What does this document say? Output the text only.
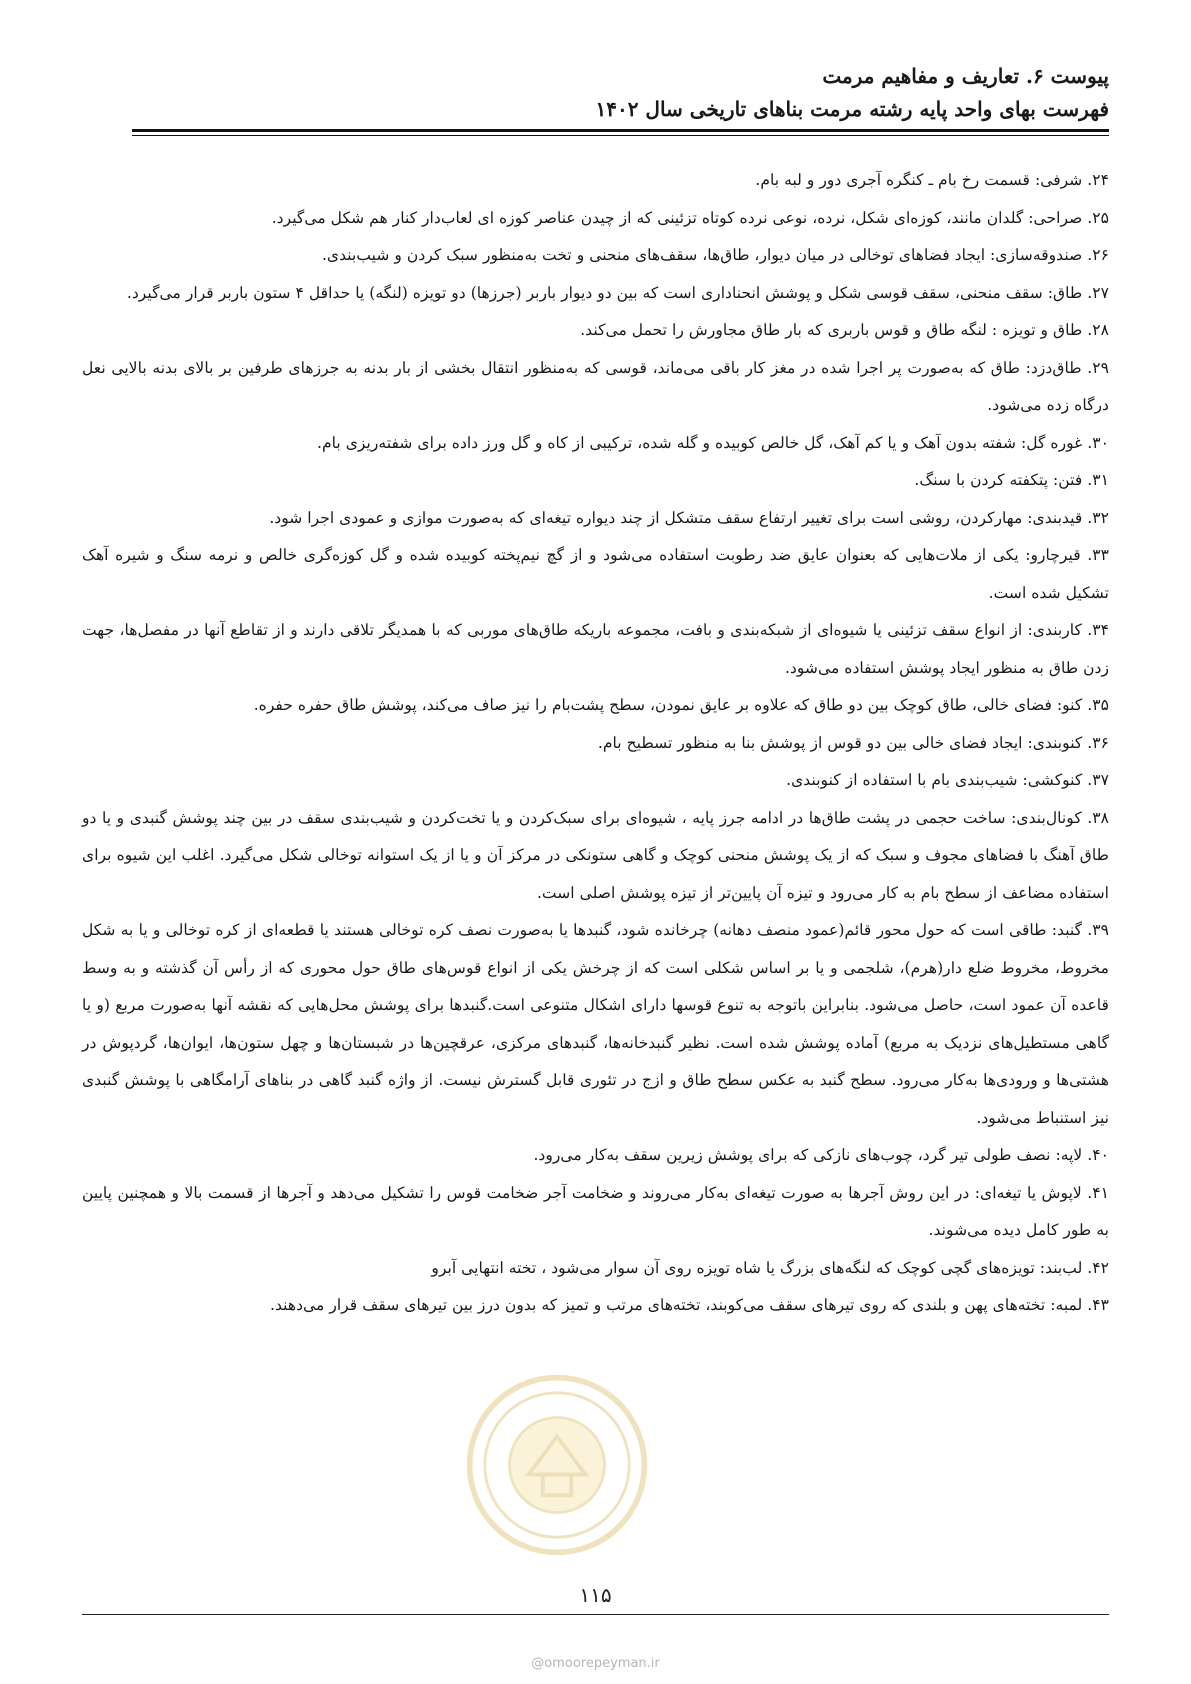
پیوست ۶. تعاریف و مفاهیم مرمت
فهرست بهای واحد پایه رشته مرمت بناهای تاریخی سال ۱۴۰۲

۲۴. شرفی: قسمت رخ بام ـ کنگره آجری دور و لبه بام.

۲۵. صراحی: گلدان مانند، کوزه‌ای شکل، نرده، نوعی نرده کوتاه تزئینی که از چیدن عناصر کوزه ای لعاب‌دار کنار هم شکل می‌گیرد.

۲۶. صندوقه‌سازی: ایجاد فضاهای توخالی در میان دیوار، طاق‌ها، سقف‌های منحنی و تخت به‌منظور سبک کردن و شیب‌بندی.

۲۷. طاق: سقف منحنی، سقف قوسی شکل و پوشش انحناداری است که بین دو دیوار باربر (جرزها) دو تویزه (لنگه) یا حداقل ۴ ستون باربر قرار می‌گیرد.

۲۸. طاق و تویزه : لنگه طاق و قوس باربری که بار طاق مجاورش را تحمل می‌کند.

۲۹. طاق‌دزد: طاق که به‌صورت پر اجرا شده در مغز کار باقی می‌ماند، قوسی که به‌منظور انتقال بخشی از بار بدنه به جرزهای طرفین بر بالای بدنه بالایی نعل درگاه زده می‌شود.

۳۰. غوره گل: شفته بدون آهک و یا کم آهک، گل خالص کوبیده و گله شده، ترکیبی از کاه و گل ورز داده برای شفته‌ریزی بام.

۳۱. فتن: پتکفته کردن با سنگ.

۳۲. قیدبندی: مهارکردن، روشی است برای تغییر ارتفاع سقف متشکل از چند دیواره تیغه‌ای که به‌صورت موازی و عمودی اجرا شود.

۳۳. قیرچارو: یکی از ملات‌هایی که بعنوان عایق ضد رطوبت استفاده می‌شود و از گچ نیم‌پخته کوبیده شده و گل کوزه‌گری خالص و نرمه سنگ و شیره آهک تشکیل شده است.

۳۴. کاربندی: از انواع سقف تزئینی یا شیوه‌ای از شبکه‌بندی و بافت، مجموعه باریکه طاق‌های موربی که با همدیگر تلاقی دارند و از تقاطع آنها در مفصل‌ها، جهت زدن طاق به منظور ایجاد پوشش استفاده می‌شود.

۳۵. کنو: فضای خالی، طاق کوچک بین دو طاق که علاوه بر عایق نمودن، سطح پشت‌بام را نیز صاف می‌کند، پوشش طاق حفره حفره.

۳۶. کنوبندی: ایجاد فضای خالی بین دو قوس از پوشش بنا به منظور تسطیح بام.

۳۷. کنوکشی: شیب‌بندی بام با استفاده از کنوبندی.

۳۸. کونال‌بندی: ساخت حجمی در پشت طاق‌ها در ادامه جرز پایه ، شیوه‌ای برای سبک‌کردن و یا تخت‌کردن و شیب‌بندی سقف در بین چند پوشش گنبدی و یا دو طاق آهنگ با فضاهای مجوف و سبک که از یک پوشش منحنی کوچک و گاهی ستونکی در مرکز آن و یا از یک استوانه توخالی شکل می‌گیرد. اغلب این شیوه برای استفاده مضاعف از سطح بام به کار می‌رود و تیزه آن پایین‌تر از تیزه پوشش اصلی است.

۳۹. گنبد: طاقی است که حول محور قائم(عمود منصف دهانه) چرخانده شود، گنبدها یا به‌صورت نصف کره توخالی هستند یا قطعه‌ای از کره توخالی و یا به شکل مخروط، مخروط ضلع دار(هرم)، شلجمی و یا بر اساس شکلی است که از چرخش یکی از انواع قوس‌های طاق حول محوری که از رأس آن گذشته و به وسط قاعده آن عمود است، حاصل می‌شود. بنابراین باتوجه به تنوع قوسها دارای اشکال متنوعی است.گنبدها برای پوشش محل‌هایی که نقشه آنها به‌صورت مربع (و یا گاهی مستطیل‌های نزدیک به مربع) آماده پوشش شده است. نظیر گنبدخانه‌ها، گنبدهای مرکزی، عرقچین‌ها در شبستان‌ها و چهل ستون‌ها، ایوان‌ها، گردپوش در هشتی‌ها و ورودی‌ها به‌کار می‌رود. سطح گنبد به عکس سطح طاق و ازج در تئوری قابل گسترش نیست. از واژه گنبد گاهی در بناهای آرامگاهی با پوشش گنبدی نیز استنباط می‌شود.

۴۰. لاپه: نصف طولی تیر گرد، چوب‌های نازکی که برای پوشش زیرین سقف به‌کار می‌رود.

۴۱. لاپوش یا تیغه‌ای: در این روش آجرها به صورت تیغه‌ای به‌کار می‌روند و ضخامت آجر ضخامت قوس را تشکیل می‌دهد و آجرها از قسمت بالا و همچنین پایین به طور کامل دیده می‌شوند.

۴۲. لب‌بند: تویزه‌های گچی کوچک که لنگه‌های بزرگ یا شاه تویزه روی آن سوار می‌شود ، تخته انتهایی آبرو

۴۳. لمبه: تخته‌های پهن و بلندی که روی تیرهای سقف می‌کوبند، تخته‌های مرتب و تمیز که بدون درز بین تیرهای سقف قرار می‌دهند.

۱۱۵
@omoorepeyman.ir
